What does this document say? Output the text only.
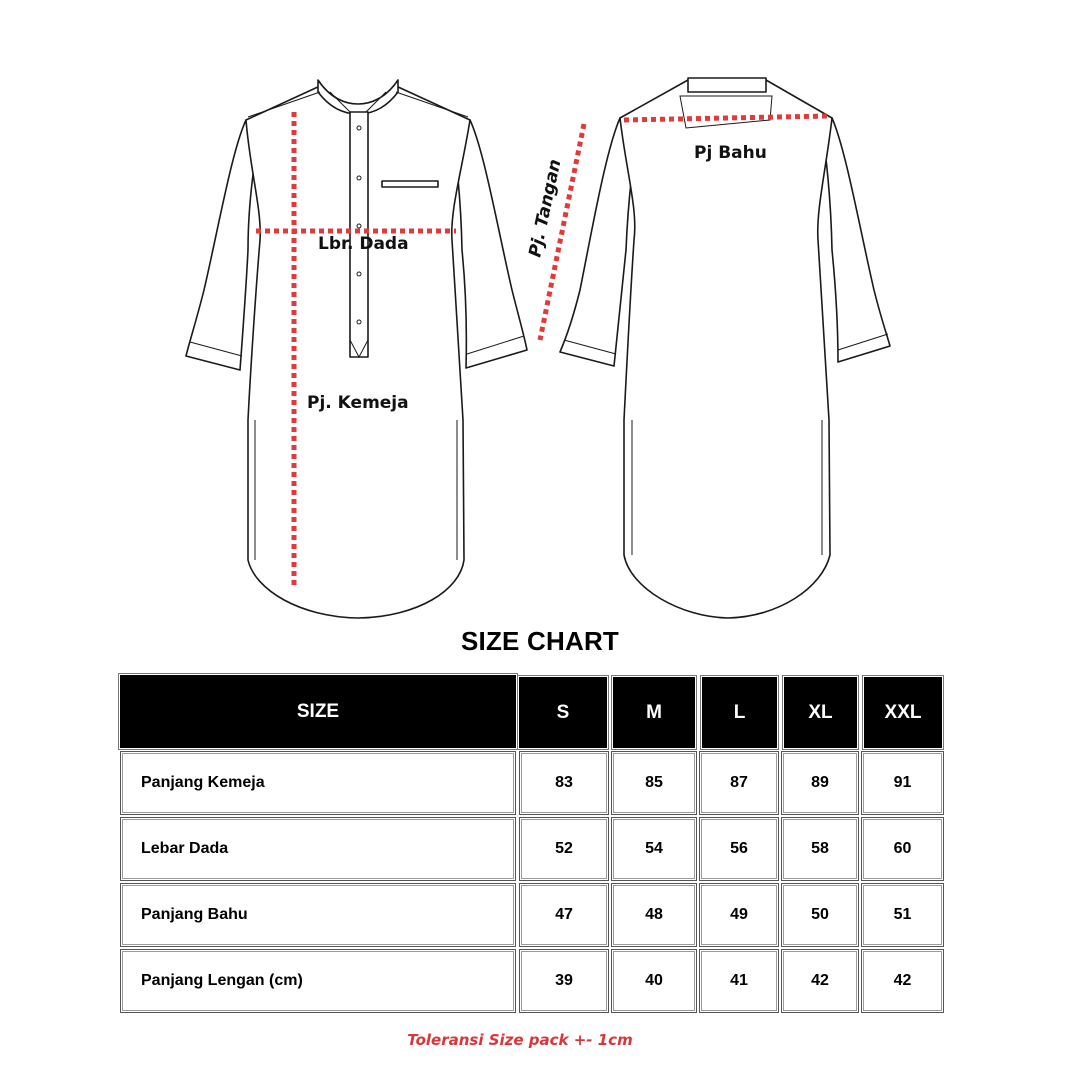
Lbr. Dada
Pj. Kemeja
Pj. Tangan
Pj Bahu
SIZE CHART
SIZE	S	M	L	XL	XXL
Panjang Kemeja	83	85	87	89	91
Lebar Dada	52	54	56	58	60
Panjang Bahu	47	48	49	50	51
Panjang Lengan (cm)	39	40	41	42	42
Toleransi Size pack +- 1cm
